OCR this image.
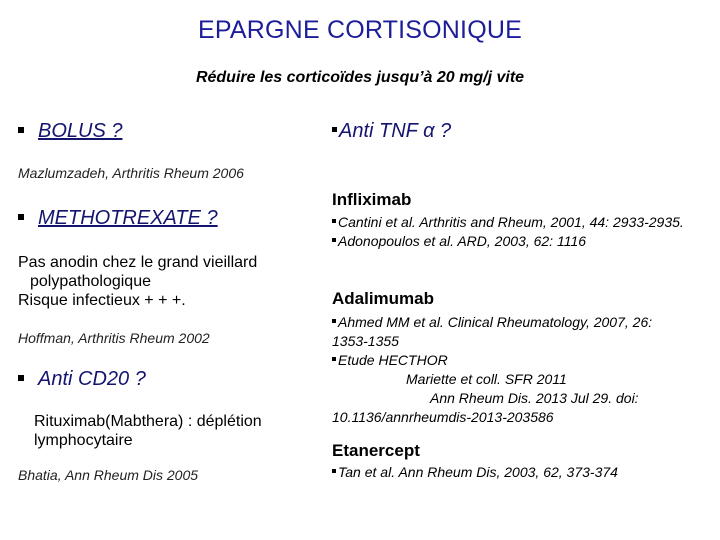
EPARGNE CORTISONIQUE
Réduire les corticoïdes jusqu’à 20 mg/j vite
BOLUS ?
Mazlumzadeh, Arthritis Rheum 2006
METHOTREXATE ?
Pas anodin chez le grand vieillard
polypathologique
Risque infectieux + + +.
Hoffman, Arthritis Rheum 2002
Anti CD20 ?
Rituximab(Mabthera) : déplétion
lymphocytaire
Bhatia, Ann Rheum Dis 2005
Anti TNF α ?
Infliximab
Cantini et al. Arthritis and Rheum, 2001, 44: 2933-2935.
Adonopoulos et al. ARD, 2003, 62: 1116
Adalimumab
Ahmed MM et al. Clinical Rheumatology, 2007, 26: 1353-1355
Etude HECTHOR
Mariette et coll. SFR 2011
Ann Rheum Dis. 2013 Jul 29. doi: 10.1136/annrheumdis-2013-203586
Etanercept
Tan et al. Ann Rheum Dis, 2003, 62, 373-374
